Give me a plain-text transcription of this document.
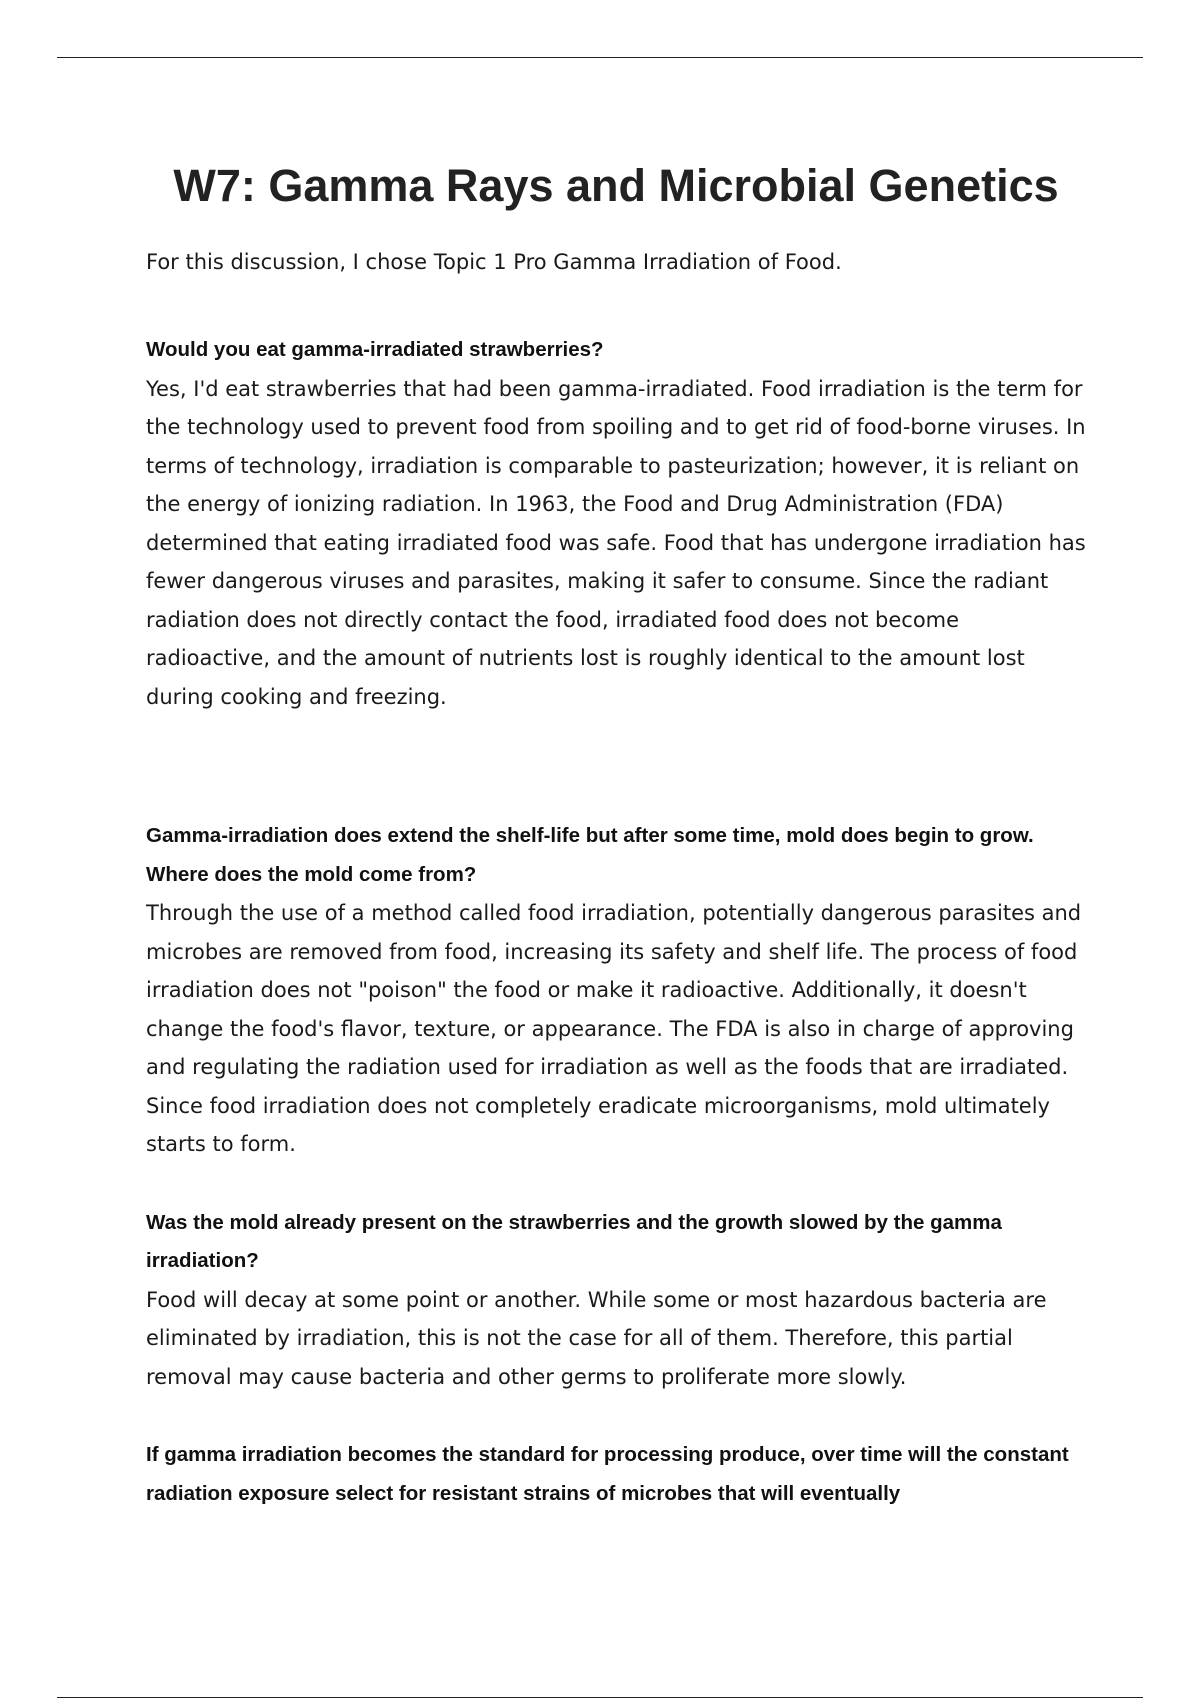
W7: Gamma Rays and Microbial Genetics

For this discussion, I chose Topic 1 Pro Gamma Irradiation of Food.

Would you eat gamma-irradiated strawberries?

Yes, I'd eat strawberries that had been gamma-irradiated. Food irradiation is the term for the technology used to prevent food from spoiling and to get rid of food-borne viruses. In terms of technology, irradiation is comparable to pasteurization; however, it is reliant on the energy of ionizing radiation. In 1963, the Food and Drug Administration (FDA) determined that eating irradiated food was safe. Food that has undergone irradiation has fewer dangerous viruses and parasites, making it safer to consume. Since the radiant radiation does not directly contact the food, irradiated food does not become radioactive, and the amount of nutrients lost is roughly identical to the amount lost during cooking and freezing.

Gamma-irradiation does extend the shelf-life but after some time, mold does begin to grow. Where does the mold come from?

Through the use of a method called food irradiation, potentially dangerous parasites and microbes are removed from food, increasing its safety and shelf life. The process of food irradiation does not "poison" the food or make it radioactive. Additionally, it doesn't change the food's flavor, texture, or appearance. The FDA is also in charge of approving and regulating the radiation used for irradiation as well as the foods that are irradiated. Since food irradiation does not completely eradicate microorganisms, mold ultimately starts to form.

Was the mold already present on the strawberries and the growth slowed by the gamma irradiation?

Food will decay at some point or another. While some or most hazardous bacteria are eliminated by irradiation, this is not the case for all of them. Therefore, this partial removal may cause bacteria and other germs to proliferate more slowly.

If gamma irradiation becomes the standard for processing produce, over time will the constant radiation exposure select for resistant strains of microbes that will eventually
